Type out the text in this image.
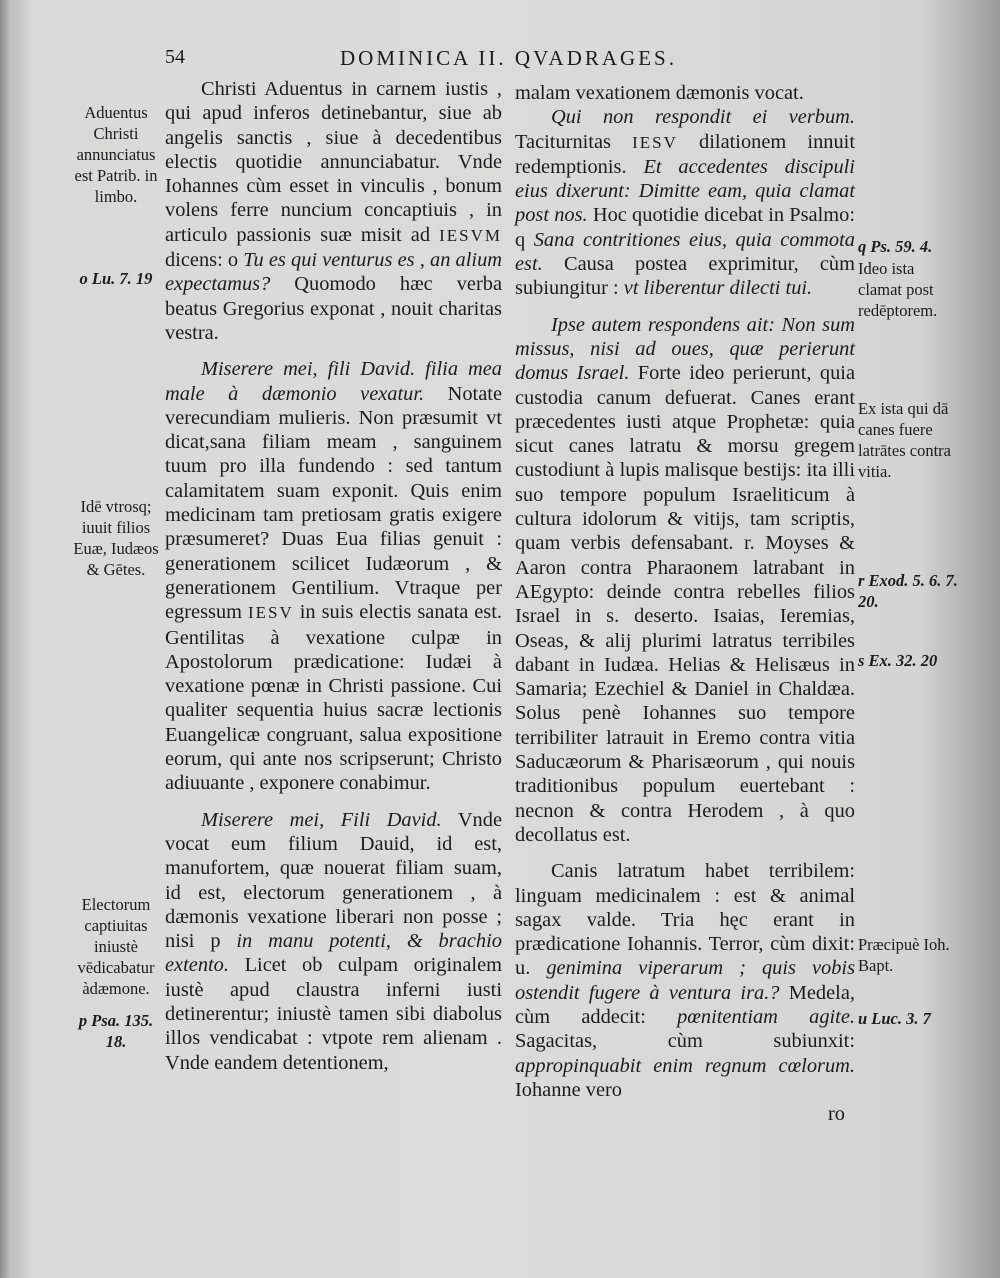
54	DOMINICA II. QVADRAGES.
Aduentus Christi annunciatus est Patrib. in limbo.
o Lu. 7. 19
Idē vtrosq; iuuit filios Euæ, Iudæos & Gētes.
Electorum captiuitas iniustè vēdicabatur àdæmone.
p Psa. 135. 18.

Christi Aduentus in carnem iustis , qui apud inferos detinebantur, siue ab angelis sanctis , siue à decedentibus electis quotidie annunciabatur. Vnde Iohannes cùm esset in vinculis , bonum volens ferre nuncium concaptiuis , in articulo passionis suæ misit ad IESVM dicens: o Tu es qui venturus es , an alium expectamus? Quomodo hæc verba beatus Gregorius exponat , nouit charitas vestra.

Miserere mei, fili David. filia mea male à dæmonio vexatur. Notate verecundiam mulieris. Non præsumit vt dicat,sana filiam meam , sanguinem tuum pro illa fundendo : sed tantum calamitatem suam exponit. Quis enim medicinam tam pretiosam gratis exigere præsumeret? Duas Eua filias genuit : generationem scilicet Iudæorum , & generationem Gentilium. Vtraque per egressum IESV in suis electis sanata est. Gentilitas à vexatione culpæ in Apostolorum prædicatione: Iudæi à vexatione pœnæ in Christi passione. Cui qualiter sequentia huius sacræ lectionis Euangelicæ congruant, salua expositione eorum, qui ante nos scripserunt; Christo adiuuante , exponere conabimur.

Miserere mei, Fili David. Vnde vocat eum filium Dauid, id est, manufortem, quæ nouerat filiam suam, id est, electorum generationem , à dæmonis vexatione liberari non posse ; nisi p in manu potenti, & brachio extento. Licet ob culpam originalem iustè apud claustra inferni iusti detinerentur; iniustè tamen sibi diabolus illos vendicabat : vtpote rem alienam . Vnde eandem detentionem,

malam vexationem dæmonis vocat.

Qui non respondit ei verbum. Taciturnitas IESV dilationem innuit redemptionis. Et accedentes discipuli eius dixerunt: Dimitte eam, quia clamat post nos. Hoc quotidie dicebat in Psalmo: q Sana contritiones eius, quia commota est. Causa postea exprimitur, cùm subiungitur : vt liberentur dilecti tui.

Ipse autem respondens ait: Non sum missus, nisi ad oues, quæ perierunt domus Israel. Forte ideo perierunt, quia custodia canum defuerat. Canes erant præcedentes iusti atque Prophetæ: quia sicut canes latratu & morsu gregem custodiunt à lupis malisque bestijs: ita illi suo tempore populum Israeliticum à cultura idolorum & vitijs, tam scriptis, quam verbis defensabant. r. Moyses & Aaron contra Pharaonem latrabant in AEgypto: deinde contra rebelles filios Israel in s. deserto. Isaias, Ieremias, Oseas, & alij plurimi latratus terribiles dabant in Iudæa. Helias & Helisæus in Samaria; Ezechiel & Daniel in Chaldæa. Solus penè Iohannes suo tempore terribiliter latrauit in Eremo contra vitia Saducæorum & Pharisæorum , qui nouis traditionibus populum euertebant : necnon & contra Herodem , à quo decollatus est.

Canis latratum habet terribilem: linguam medicinalem : est & animal sagax valde. Tria hęc erant in prædicatione Iohannis. Terror, cùm dixit: u. genimina viperarum ; quis vobis ostendit fugere à ventura ira.? Medela, cùm addecit: pœnitentiam agite. Sagacitas, cùm subiunxit: appropinquabit enim regnum cœlorum. Iohanne vero

ro

q Ps. 59. 4.
Ideo ista clamat post redēptorem.
Ex ista qui dā canes fuere latrātes contra vitia.
r Exod. 5. 6. 7. 20.
s Ex. 32. 20
Præcipuè Ioh. Bapt.
u Luc. 3. 7
